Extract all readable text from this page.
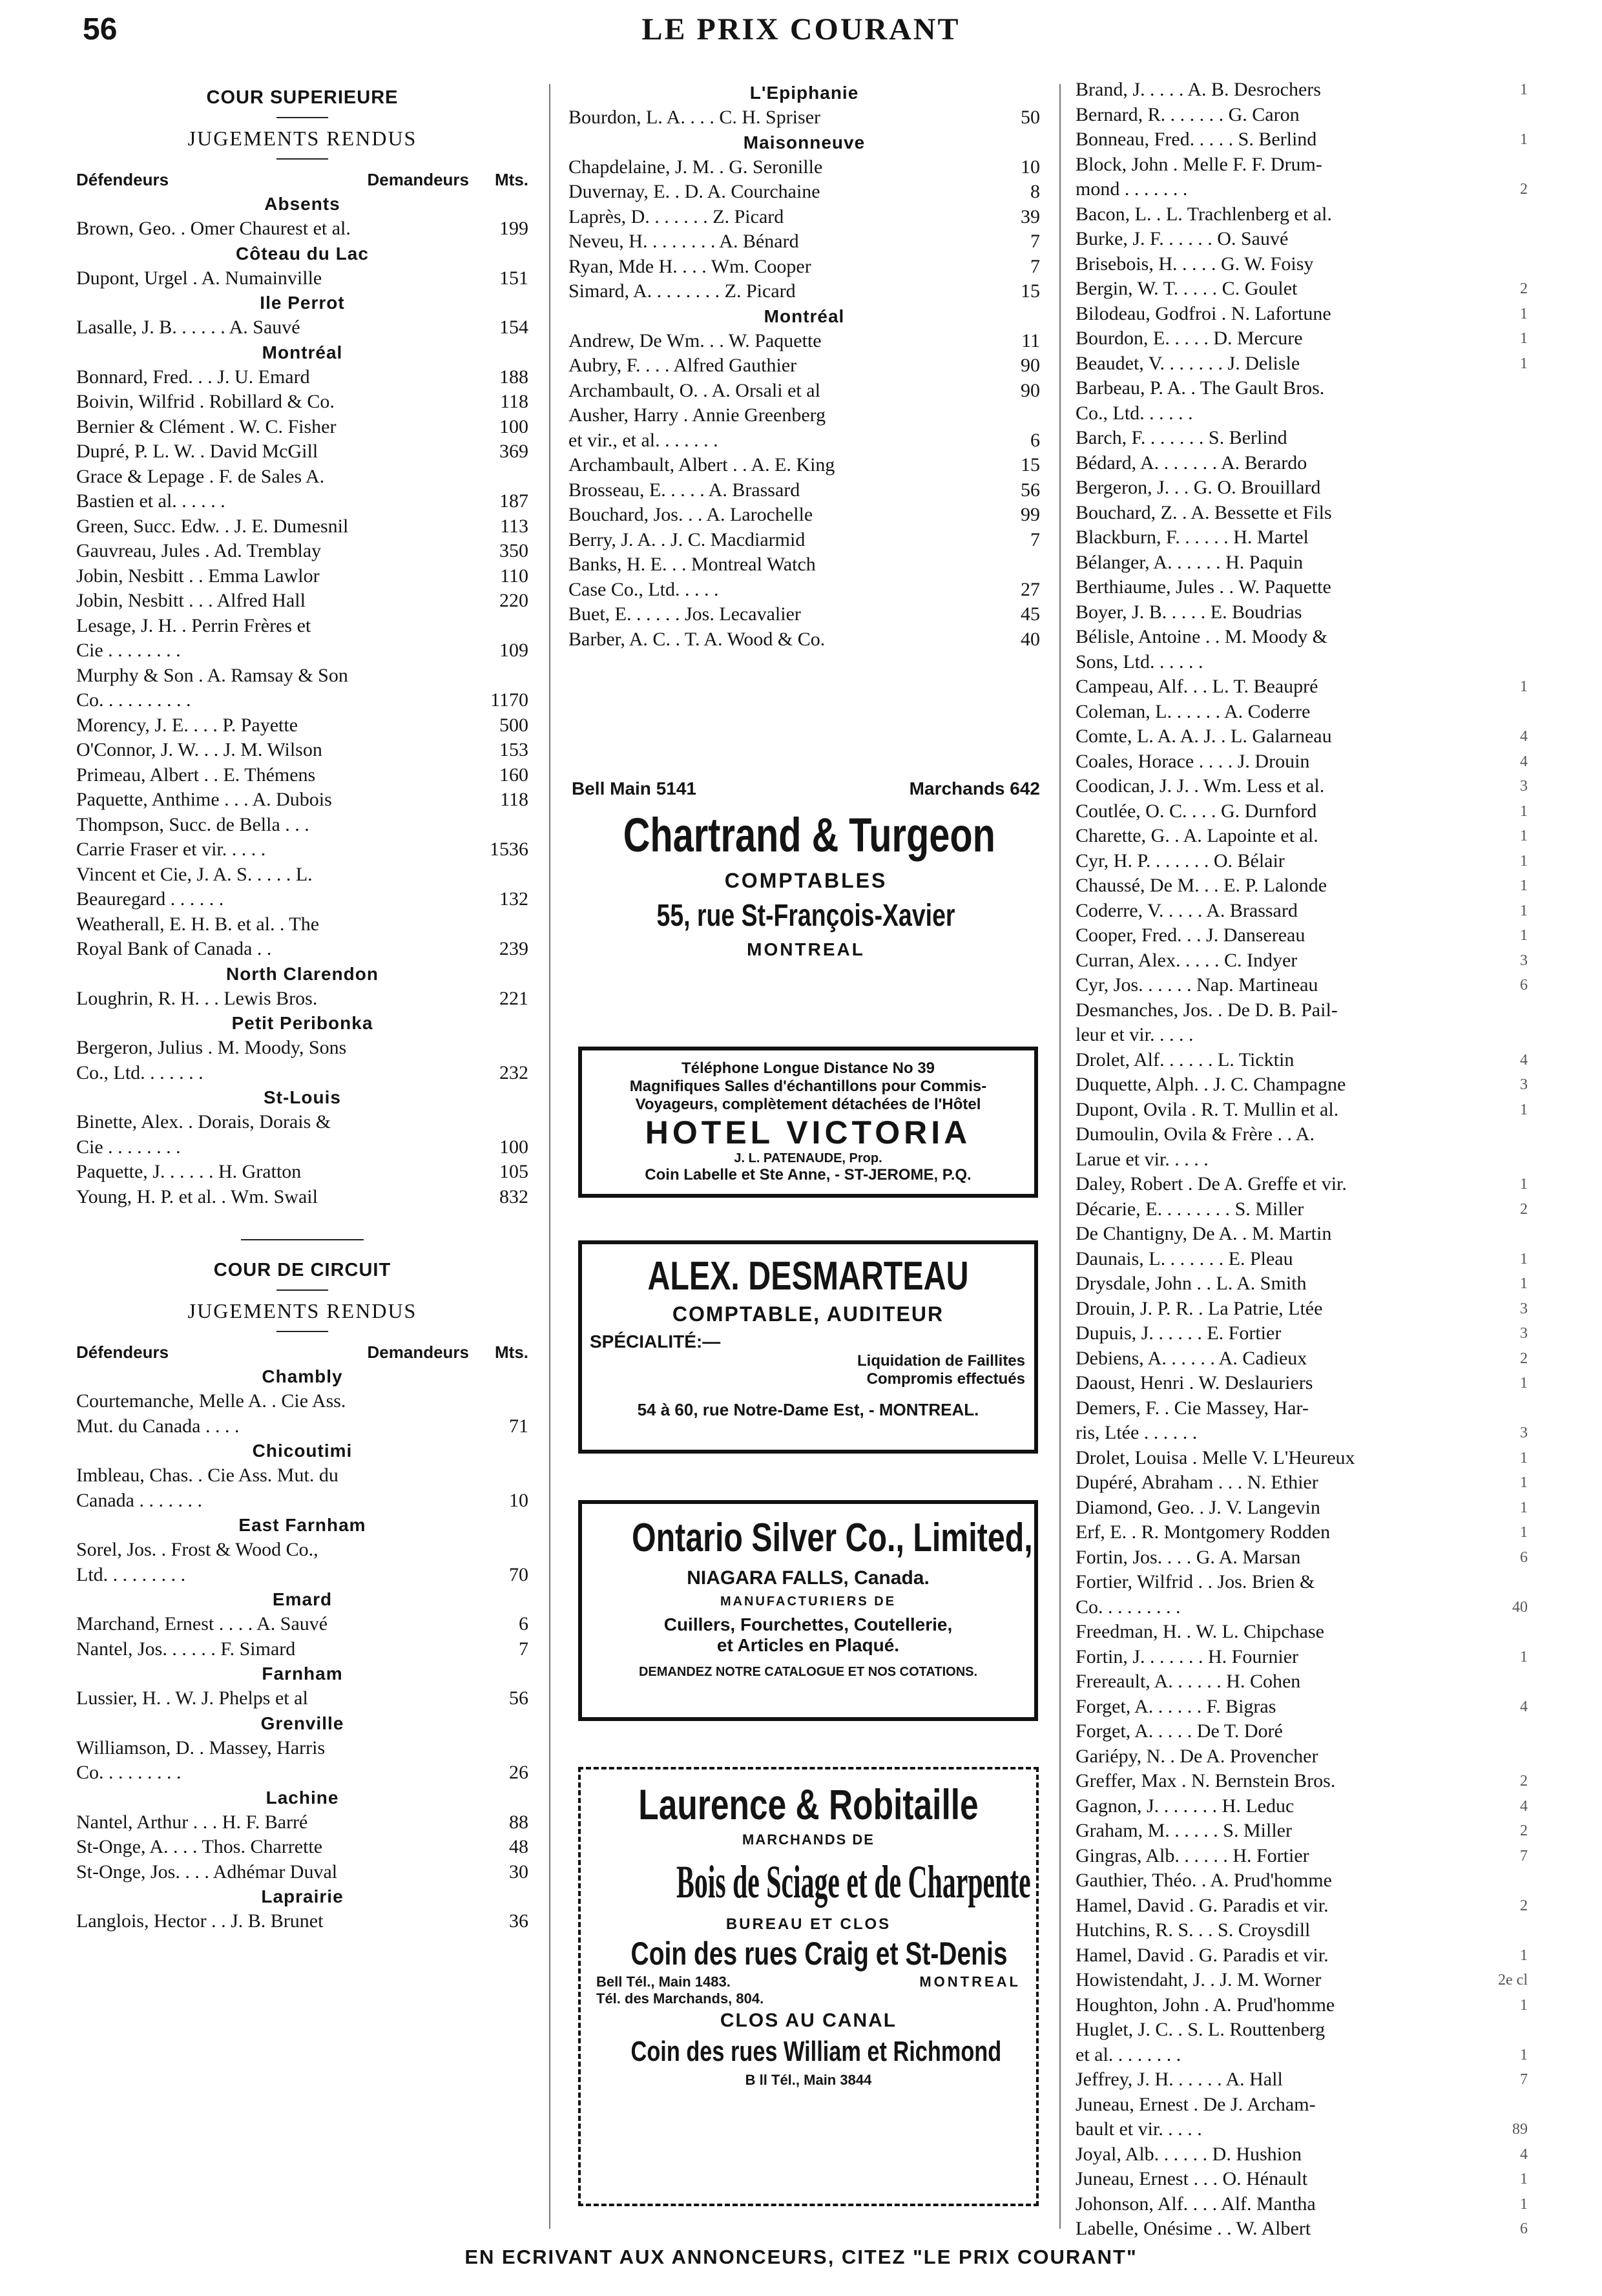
56	LE PRIX COURANT
COUR SUPERIEURE
JUGEMENTS RENDUS
Défendeurs	Demandeurs Mts.
Absents
Brown, Geo. . Omer Chaurest et al.	199
Côteau du Lac
Dupont, Urgel . A. Numainville	151
Ile Perrot
Lasalle, J. B. . . . . . A. Sauvé	154
Montréal
Bonnard, Fred. . . J. U. Emard	188
Boivin, Wilfrid . Robillard & Co.	118
Bernier & Clément . W. C. Fisher	100
Dupré, P. L. W. . David McGill	369
Grace & Lepage . F. de Sales A.
Bastien et al. . . . . .	187
Green, Succ. Edw. . J. E. Dumesnil	113
Gauvreau, Jules . Ad. Tremblay	350
Jobin, Nesbitt . . Emma Lawlor	110
Jobin, Nesbitt . . . Alfred Hall	220
Lesage, J. H. . Perrin Frères et
Cie . . . . . . . .	109
Murphy & Son . A. Ramsay & Son
Co. . . . . . . . . .	1170
Morency, J. E. . . . P. Payette	500
O'Connor, J. W. . . J. M. Wilson	153
Primeau, Albert . . E. Thémens	160
Paquette, Anthime . . . A. Dubois	118
Thompson, Succ. de Bella . . .
Carrie Fraser et vir. . . . .	1536
Vincent et Cie, J. A. S. . . . . L.
Beauregard . . . . . .	132
Weatherall, E. H. B. et al. . The
Royal Bank of Canada . .	239
North Clarendon
Loughrin, R. H. . . Lewis Bros.	221
Petit Peribonka
Bergeron, Julius . M. Moody, Sons
Co., Ltd. . . . . . .	232
St-Louis
Binette, Alex. . Dorais, Dorais &
Cie . . . . . . . .	100
Paquette, J. . . . . . H. Gratton	105
Young, H. P. et al. . Wm. Swail	832
COUR DE CIRCUIT
JUGEMENTS RENDUS
Défendeurs	Demandeurs Mts.
Chambly
Courtemanche, Melle A. . Cie Ass.
Mut. du Canada . . . .	71
Chicoutimi
Imbleau, Chas. . Cie Ass. Mut. du
Canada . . . . . . .	10
East Farnham
Sorel, Jos. . Frost & Wood Co.,
Ltd. . . . . . . . .	70
Emard
Marchand, Ernest . . . . A. Sauvé	6
Nantel, Jos. . . . . . F. Simard	7
Farnham
Lussier, H. . W. J. Phelps et al	56
Grenville
Williamson, D. . Massey, Harris
Co. . . . . . . . .	26
Lachine
Nantel, Arthur . . . H. F. Barré	88
St-Onge, A. . . . Thos. Charrette	48
St-Onge, Jos. . . . Adhémar Duval	30
Laprairie
Langlois, Hector . . J. B. Brunet	36
L'Epiphanie
Bourdon, L. A. . . . C. H. Spriser	50
Maisonneuve
Chapdelaine, J. M. . G. Seronille	10
Duvernay, E. . D. A. Courchaine	8
Laprès, D. . . . . . . Z. Picard	39
Neveu, H. . . . . . . . A. Bénard	7
Ryan, Mde H. . . . Wm. Cooper	7
Simard, A. . . . . . . . Z. Picard	15
Montréal
Andrew, De Wm. . . W. Paquette	11
Aubry, F. . . . Alfred Gauthier	90
Archambault, O. . A. Orsali et al	90
Ausher, Harry . Annie Greenberg
et vir., et al. . . . . . .	6
Archambault, Albert . . A. E. King	15
Brosseau, E. . . . . A. Brassard	56
Bouchard, Jos. . . A. Larochelle	99
Berry, J. A. . J. C. Macdiarmid	7
Banks, H. E. . . Montreal Watch
Case Co., Ltd. . . . .	27
Buet, E. . . . . . Jos. Lecavalier	45
Barber, A. C. . T. A. Wood & Co.	40
Bell Main 5141	Marchands 642
Chartrand & Turgeon
COMPTABLES
55, rue St-François-Xavier
MONTREAL
Téléphone Longue Distance No 39
Magnifiques Salles d'échantillons pour Commis-
Voyageurs, complètement détachées de l'Hôtel
HOTEL VICTORIA
J. L. PATENAUDE, Prop.
Coin Labelle et Ste Anne, - ST-JEROME, P.Q.
ALEX. DESMARTEAU
COMPTABLE, AUDITEUR
SPÉCIALITÉ:—
Liquidation de Faillites
Compromis effectués
54 à 60, rue Notre-Dame Est, - MONTREAL.
Ontario Silver Co., Limited,
NIAGARA FALLS, Canada.
MANUFACTURIERS DE
Cuillers, Fourchettes, Coutellerie,
et Articles en Plaqué.
DEMANDEZ NOTRE CATALOGUE ET NOS COTATIONS.
Laurence & Robitaille
MARCHANDS DE
Bois de Sciage et de Charpente
BUREAU ET CLOS
Coin des rues Craig et St-Denis
Bell Tél., Main 1483.	MONTREAL
Tél. des Marchands, 804.
CLOS AU CANAL
Coin des rues William et Richmond
B ll Tél., Main 3844
Brand, J. . . . . A. B. Desrochers	1
Bernard, R. . . . . . . G. Caron
Bonneau, Fred. . . . . S. Berlind	1
Block, John . Melle F. F. Drum-
mond . . . . . . .	2
Bacon, L. . L. Trachlenberg et al.
Burke, J. F. . . . . . O. Sauvé
Brisebois, H. . . . . G. W. Foisy
Bergin, W. T. . . . . C. Goulet	2
Bilodeau, Godfroi . N. Lafortune	1
Bourdon, E. . . . . D. Mercure	1
Beaudet, V. . . . . . . J. Delisle	1
Barbeau, P. A. . The Gault Bros.
Co., Ltd. . . . . .
Barch, F. . . . . . . S. Berlind
Bédard, A. . . . . . . A. Berardo
Bergeron, J. . . G. O. Brouillard
Bouchard, Z. . A. Bessette et Fils
Blackburn, F. . . . . . H. Martel
Bélanger, A. . . . . . H. Paquin
Berthiaume, Jules . . W. Paquette
Boyer, J. B. . . . . E. Boudrias
Bélisle, Antoine . . M. Moody &
Sons, Ltd. . . . . .
Campeau, Alf. . . L. T. Beaupré	1
Coleman, L. . . . . . A. Coderre
Comte, L. A. A. J. . L. Galarneau	4
Coales, Horace . . . . J. Drouin	4
Coodican, J. J. . Wm. Less et al.	3
Coutlée, O. C. . . . G. Durnford	1
Charette, G. . A. Lapointe et al.	1
Cyr, H. P. . . . . . . O. Bélair	1
Chaussé, De M. . . E. P. Lalonde	1
Coderre, V. . . . . A. Brassard	1
Cooper, Fred. . . J. Dansereau	1
Curran, Alex. . . . . C. Indyer	3
Cyr, Jos. . . . . . Nap. Martineau	6
Desmanches, Jos. . De D. B. Pail-
leur et vir. . . . .
Drolet, Alf. . . . . . L. Ticktin	4
Duquette, Alph. . J. C. Champagne	3
Dupont, Ovila . R. T. Mullin et al.	1
Dumoulin, Ovila & Frère . . A.
Larue et vir. . . . .
Daley, Robert . De A. Greffe et vir.	1
Décarie, E. . . . . . . . S. Miller	2
De Chantigny, De A. . M. Martin
Daunais, L. . . . . . . E. Pleau	1
Drysdale, John . . L. A. Smith	1
Drouin, J. P. R. . La Patrie, Ltée	3
Dupuis, J. . . . . . E. Fortier	3
Debiens, A. . . . . . A. Cadieux	2
Daoust, Henri . W. Deslauriers	1
Demers, F. . Cie Massey, Har-
ris, Ltée . . . . . .	3
Drolet, Louisa . Melle V. L'Heureux	1
Dupéré, Abraham . . . N. Ethier	1
Diamond, Geo. . J. V. Langevin	1
Erf, E. . R. Montgomery Rodden	1
Fortin, Jos. . . . G. A. Marsan	6
Fortier, Wilfrid . . Jos. Brien &
Co. . . . . . . . .	40
Freedman, H. . W. L. Chipchase
Fortin, J. . . . . . . H. Fournier	1
Frereault, A. . . . . . H. Cohen
Forget, A. . . . . . F. Bigras	4
Forget, A. . . . . De T. Doré
Gariépy, N. . De A. Provencher
Greffer, Max . N. Bernstein Bros.	2
Gagnon, J. . . . . . . H. Leduc	4
Graham, M. . . . . . S. Miller	2
Gingras, Alb. . . . . . H. Fortier	7
Gauthier, Théo. . A. Prud'homme
Hamel, David . G. Paradis et vir.	2
Hutchins, R. S. . . S. Croysdill
Hamel, David . G. Paradis et vir.	1
Howistendaht, J. . J. M. Worner	2e cl
Houghton, John . A. Prud'homme	1
Huglet, J. C. . S. L. Routtenberg
et al. . . . . . . .	1
Jeffrey, J. H. . . . . . A. Hall	7
Juneau, Ernest . De J. Archam-
bault et vir. . . . .	89
Joyal, Alb. . . . . . D. Hushion	4
Juneau, Ernest . . . O. Hénault	1
Johonson, Alf. . . . Alf. Mantha	1
Labelle, Onésime . . W. Albert	6
EN ECRIVANT AUX ANNONCEURS, CITEZ "LE PRIX COURANT"
